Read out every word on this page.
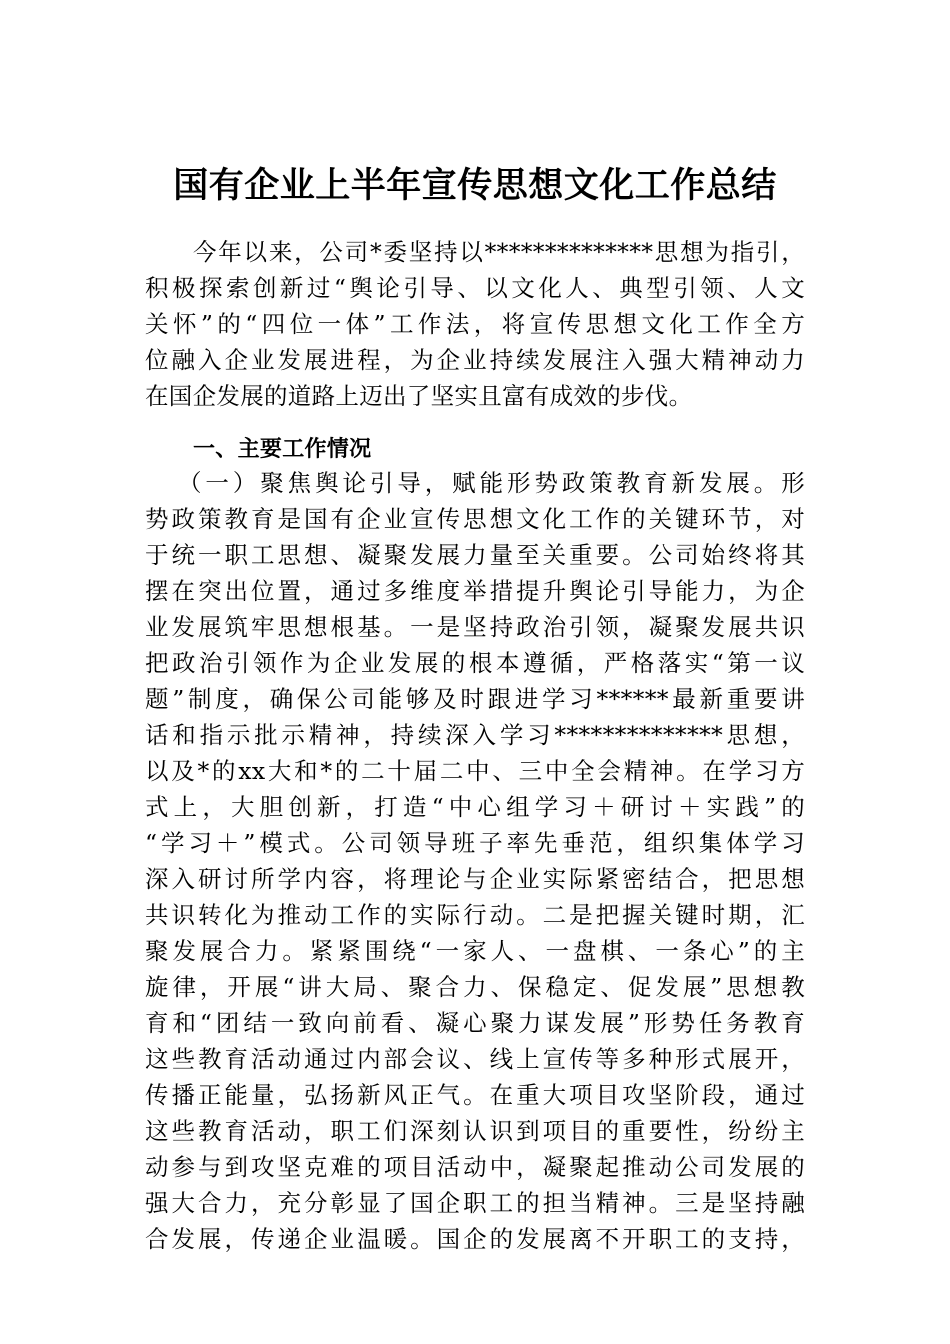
国有企业上半年宣传思想文化工作总结
今年以来，公司*委坚持以**************思想为指引，
积极探索创新过“舆论引导、以文化人、典型引领、人文
关怀”的“四位一体”工作法，将宣传思想文化工作全方
位融入企业发展进程，为企业持续发展注入强大精神动力
在国企发展的道路上迈出了坚实且富有成效的步伐。
一、主要工作情况
（一）聚焦舆论引导，赋能形势政策教育新发展。形
势政策教育是国有企业宣传思想文化工作的关键环节，对
于统一职工思想、凝聚发展力量至关重要。公司始终将其
摆在突出位置，通过多维度举措提升舆论引导能力，为企
业发展筑牢思想根基。一是坚持政治引领，凝聚发展共识
把政治引领作为企业发展的根本遵循，严格落实“第一议
题”制度，确保公司能够及时跟进学习******最新重要讲
话和指示批示精神，持续深入学习**************思想，
以及*的xx大和*的二十届二中、三中全会精神。在学习方
式上，大胆创新，打造“中心组学习＋研讨＋实践”的
“学习＋”模式。公司领导班子率先垂范，组织集体学习
深入研讨所学内容，将理论与企业实际紧密结合，把思想
共识转化为推动工作的实际行动。二是把握关键时期，汇
聚发展合力。紧紧围绕“一家人、一盘棋、一条心”的主
旋律，开展“讲大局、聚合力、保稳定、促发展”思想教
育和“团结一致向前看、凝心聚力谋发展”形势任务教育
这些教育活动通过内部会议、线上宣传等多种形式展开，
传播正能量，弘扬新风正气。在重大项目攻坚阶段，通过
这些教育活动，职工们深刻认识到项目的重要性，纷纷主
动参与到攻坚克难的项目活动中，凝聚起推动公司发展的
强大合力，充分彰显了国企职工的担当精神。三是坚持融
合发展，传递企业温暖。国企的发展离不开职工的支持，
